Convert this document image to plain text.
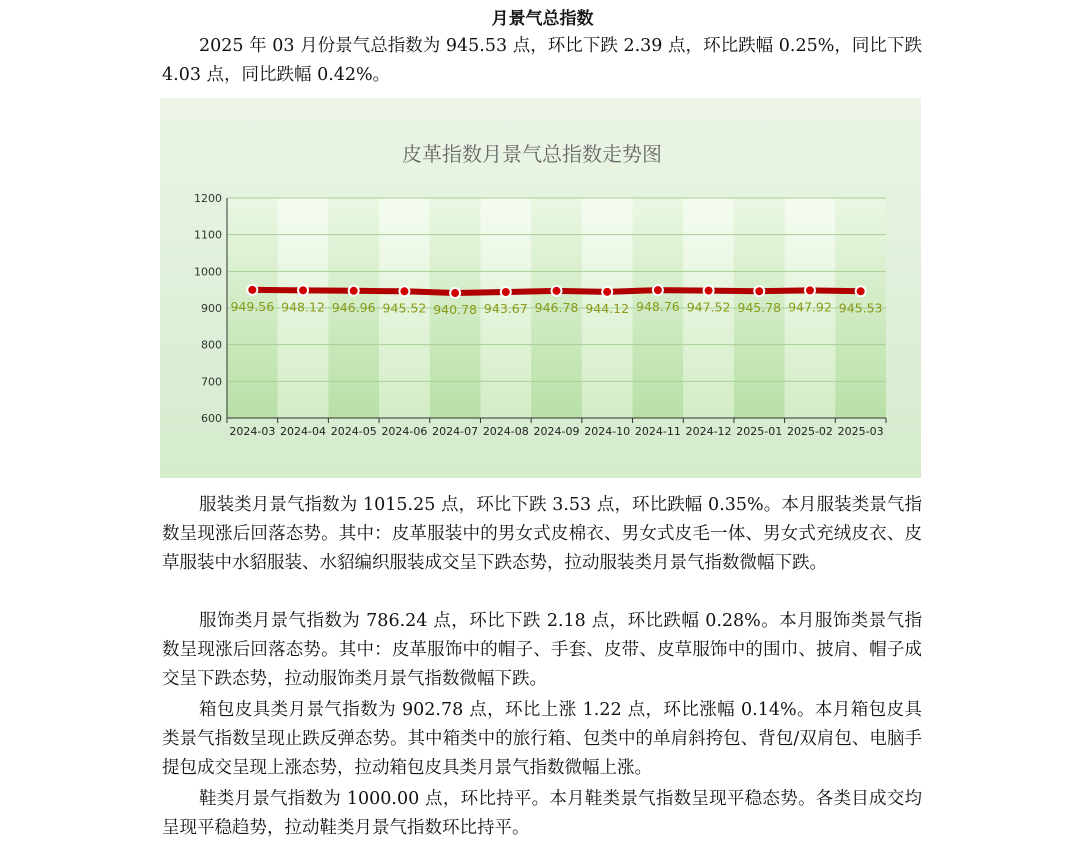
月景气总指数

2025 年 03 月份景气总指数为 945.53 点，环比下跌 2.39 点，环比跌幅 0.25%，同比下跌 4.03 点，同比跌幅 0.42%。

皮革指数月景气总指数走势图
600
700
800
900
1000
1100
1200
2024-03 2024-04 2024-05 2024-06 2024-07 2024-08 2024-09 2024-10 2024-11 2024-12 2025-01 2025-02 2025-03
949.56 948.12 946.96 945.52 940.78 943.67 946.78 944.12 948.76 947.52 945.78 947.92 945.53

服装类月景气指数为 1015.25 点，环比下跌 3.53 点，环比跌幅 0.35%。本月服装类景气指数呈现涨后回落态势。其中：皮革服装中的男女式皮棉衣、男女式皮毛一体、男女式充绒皮衣、皮草服装中水貂服装、水貂编织服装成交呈下跌态势，拉动服装类月景气指数微幅下跌。

服饰类月景气指数为 786.24 点，环比下跌 2.18 点，环比跌幅 0.28%。本月服饰类景气指数呈现涨后回落态势。其中：皮革服饰中的帽子、手套、皮带、皮草服饰中的围巾、披肩、帽子成交呈下跌态势，拉动服饰类月景气指数微幅下跌。

箱包皮具类月景气指数为 902.78 点，环比上涨 1.22 点，环比涨幅 0.14%。本月箱包皮具类景气指数呈现止跌反弹态势。其中箱类中的旅行箱、包类中的单肩斜挎包、背包/双肩包、电脑手提包成交呈现上涨态势，拉动箱包皮具类月景气指数微幅上涨。

鞋类月景气指数为 1000.00 点，环比持平。本月鞋类景气指数呈现平稳态势。各类目成交均呈现平稳趋势，拉动鞋类月景气指数环比持平。
